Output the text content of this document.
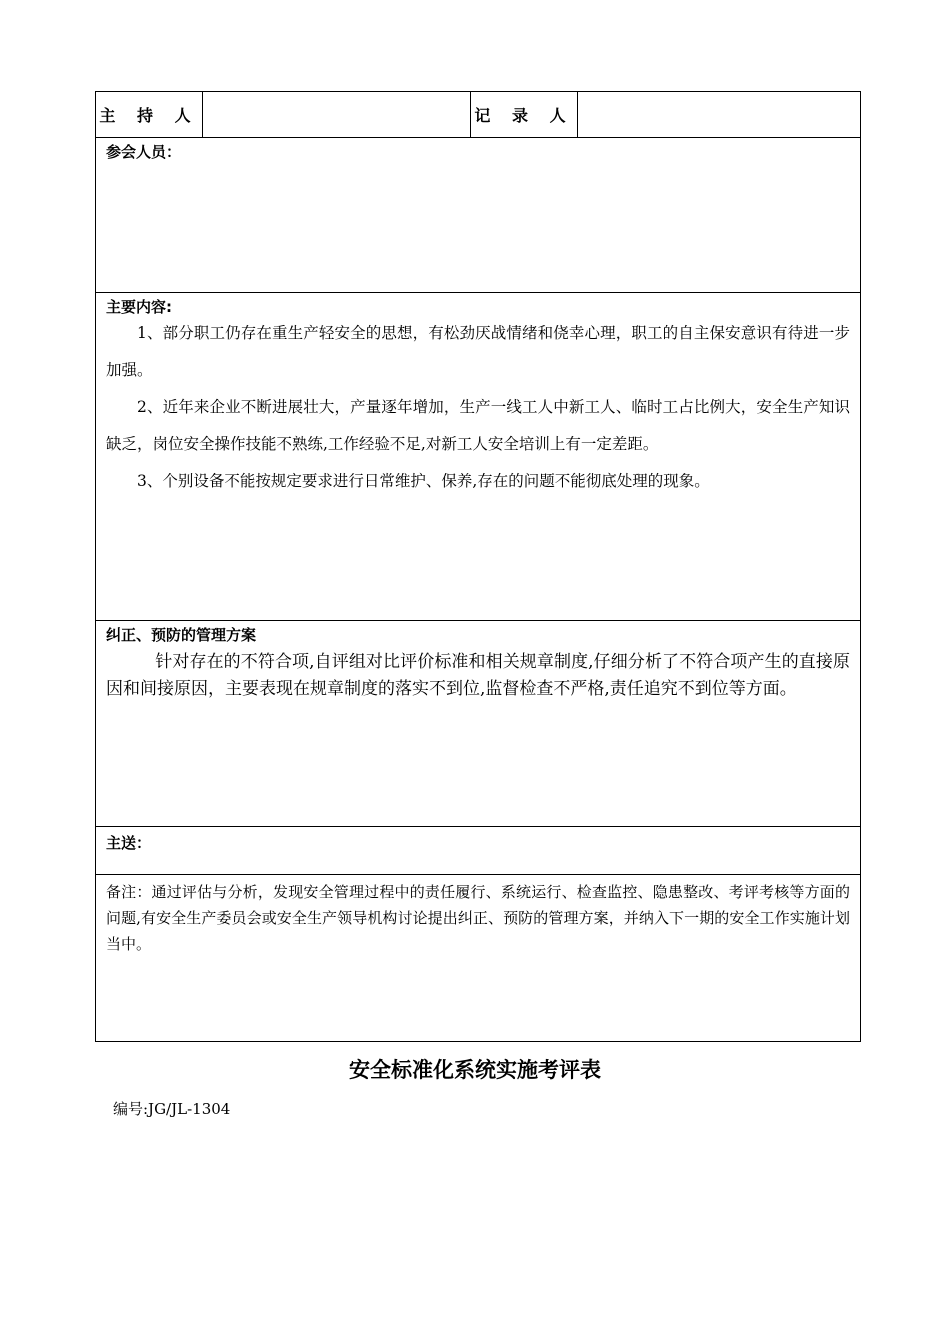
主 持 人		记 录 人	

参会人员：

主要内容:

1、部分职工仍存在重生产轻安全的思想，有松劲厌战情绪和侥幸心理，职工的自主保安意识有待进一步加强。

2、近年来企业不断进展壮大，产量逐年增加，生产一线工人中新工人、临时工占比例大，安全生产知识缺乏，岗位安全操作技能不熟练,工作经验不足,对新工人安全培训上有一定差距。

3、个别设备不能按规定要求进行日常维护、保养,存在的问题不能彻底处理的现象。

纠正、预防的管理方案

针对存在的不符合项,自评组对比评价标准和相关规章制度,仔细分析了不符合项产生的直接原因和间接原因，主要表现在规章制度的落实不到位,监督检查不严格,责任追究不到位等方面。

主送：

备注：通过评估与分析，发现安全管理过程中的责任履行、系统运行、检查监控、隐患整改、考评考核等方面的问题,有安全生产委员会或安全生产领导机构讨论提出纠正、预防的管理方案，并纳入下一期的安全工作实施计划当中。

安全标准化系统实施考评表
编号:JG/JL-1304
